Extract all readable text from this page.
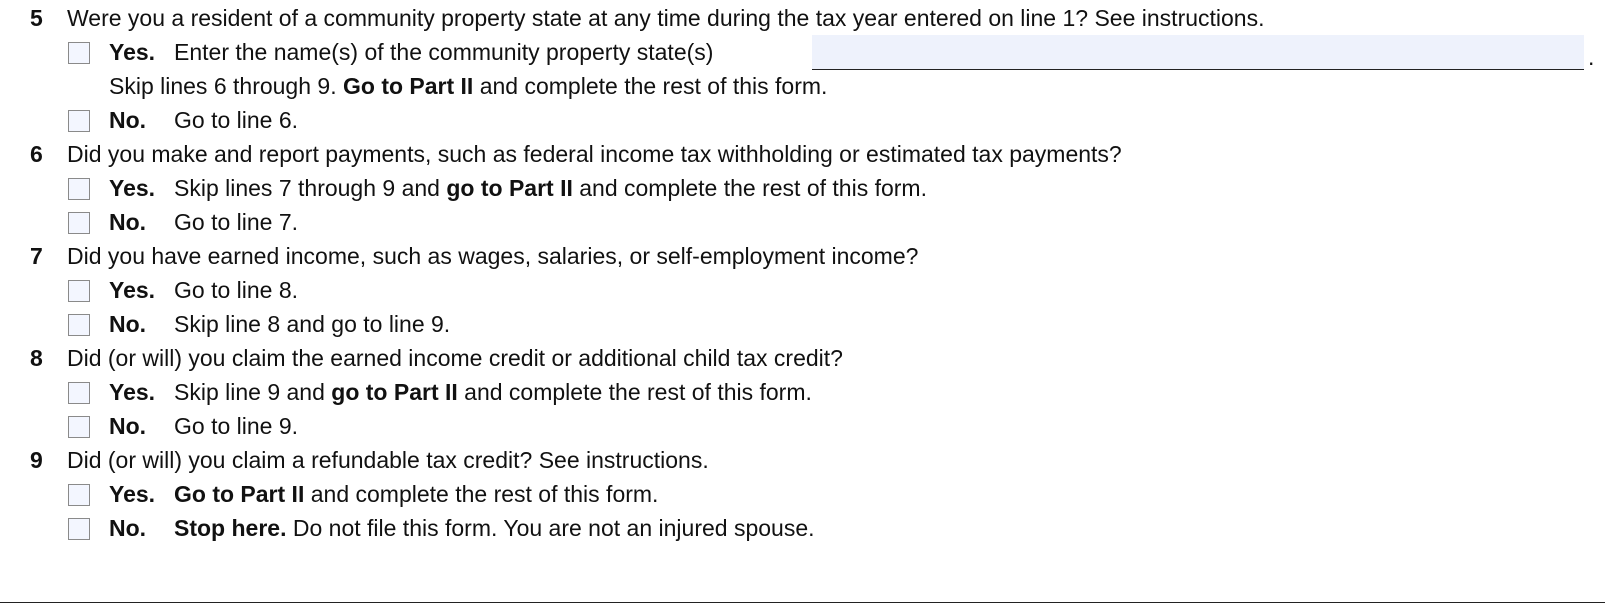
5	Were you a resident of a community property state at any time during the tax year entered on line 1? See instructions.
Yes. Enter the name(s) of the community property state(s)	.
Skip lines 6 through 9.
Go to Part II
and complete the rest of this form.
No.	Go to line 6.
6	Did you make and report payments, such as federal income tax withholding or estimated tax payments?
Yes. Skip lines 7 through 9 and
go to Part II
and complete the rest of this form.
No.	Go to line 7.
7	Did you have earned income, such as wages, salaries, or self-employment income?
Yes. Go to line 8.
No.	Skip line 8 and go to line 9.
8	Did (or will) you claim the earned income credit or additional child tax credit?
Yes. Skip line 9 and
go to Part II
and complete the rest of this form.
No.	Go to line 9.
9	Did (or will) you claim a refundable tax credit? See instructions.
Yes. Go to Part II
and complete the rest of this form.
No.	Stop here.
Do not file this form. You are not an injured spouse.
